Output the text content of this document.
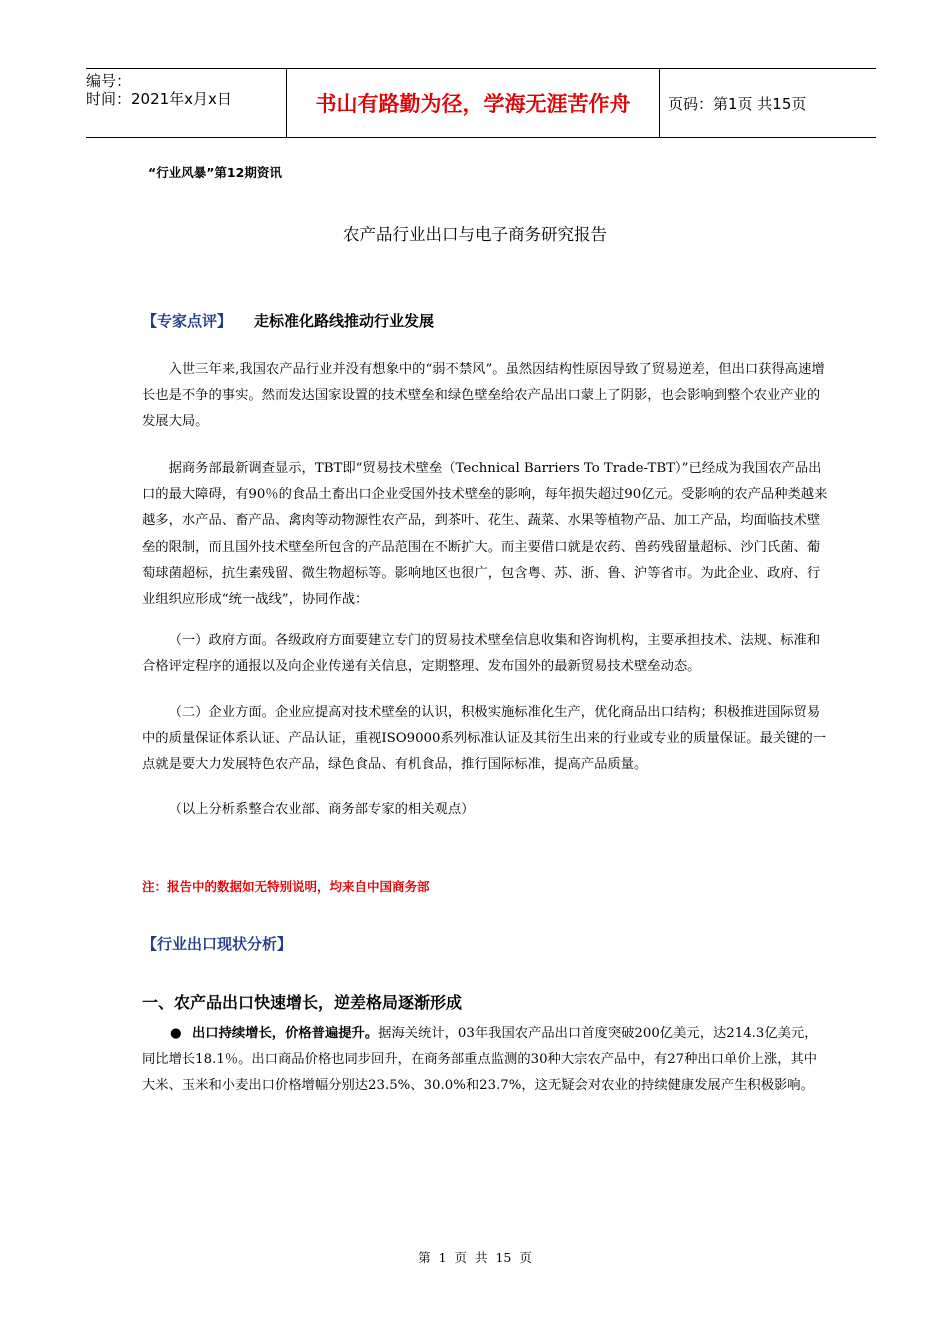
编号：
时间：2021年x月x日	书山有路勤为径，学海无涯苦作舟	页码：第1页 共15页
“行业风暴”第12期资讯
农产品行业出口与电子商务研究报告
【专家点评】 走标准化路线推动行业发展

入世三年来,我国农产品行业并没有想象中的“弱不禁风”。虽然因结构性原因导致了贸易逆差，但出口获得高速增长也是不争的事实。然而发达国家设置的技术壁垒和绿色壁垒给农产品出口蒙上了阴影，也会影响到整个农业产业的发展大局。

据商务部最新调查显示，TBT即“贸易技术壁垒（Technical Barriers To Trade-TBT）”已经成为我国农产品出口的最大障碍，有90％的食品土畜出口企业受国外技术壁垒的影响，每年损失超过90亿元。受影响的农产品种类越来越多，水产品、畜产品、禽肉等动物源性农产品，到茶叶、花生、蔬菜、水果等植物产品、加工产品，均面临技术壁垒的限制，而且国外技术壁垒所包含的产品范围在不断扩大。而主要借口就是农药、兽药残留量超标、沙门氏菌、葡萄球菌超标，抗生素残留、微生物超标等。影响地区也很广，包含粤、苏、浙、鲁、沪等省市。为此企业、政府、行业组织应形成“统一战线”，协同作战：

（一）政府方面。各级政府方面要建立专门的贸易技术壁垒信息收集和咨询机构，主要承担技术、法规、标准和合格评定程序的通报以及向企业传递有关信息，定期整理、发布国外的最新贸易技术壁垒动态。

（二）企业方面。企业应提高对技术壁垒的认识，积极实施标准化生产，优化商品出口结构；积极推进国际贸易中的质量保证体系认证、产品认证，重视ISO9000系列标准认证及其衍生出来的行业或专业的质量保证。最关键的一点就是要大力发展特色农产品，绿色食品、有机食品，推行国际标准，提高产品质量。

（以上分析系整合农业部、商务部专家的相关观点）

注：报告中的数据如无特别说明，均来自中国商务部
【行业出口现状分析】
一、农产品出口快速增长，逆差格局逐渐形成

● 出口持续增长，价格普遍提升。据海关统计，03年我国农产品出口首度突破200亿美元，达214.3亿美元，同比增长18.1％。出口商品价格也同步回升，在商务部重点监测的30种大宗农产品中，有27种出口单价上涨，其中大米、玉米和小麦出口价格增幅分别达23.5%、30.0%和23.7%，这无疑会对农业的持续健康发展产生积极影响。

第 1 页 共 15 页
